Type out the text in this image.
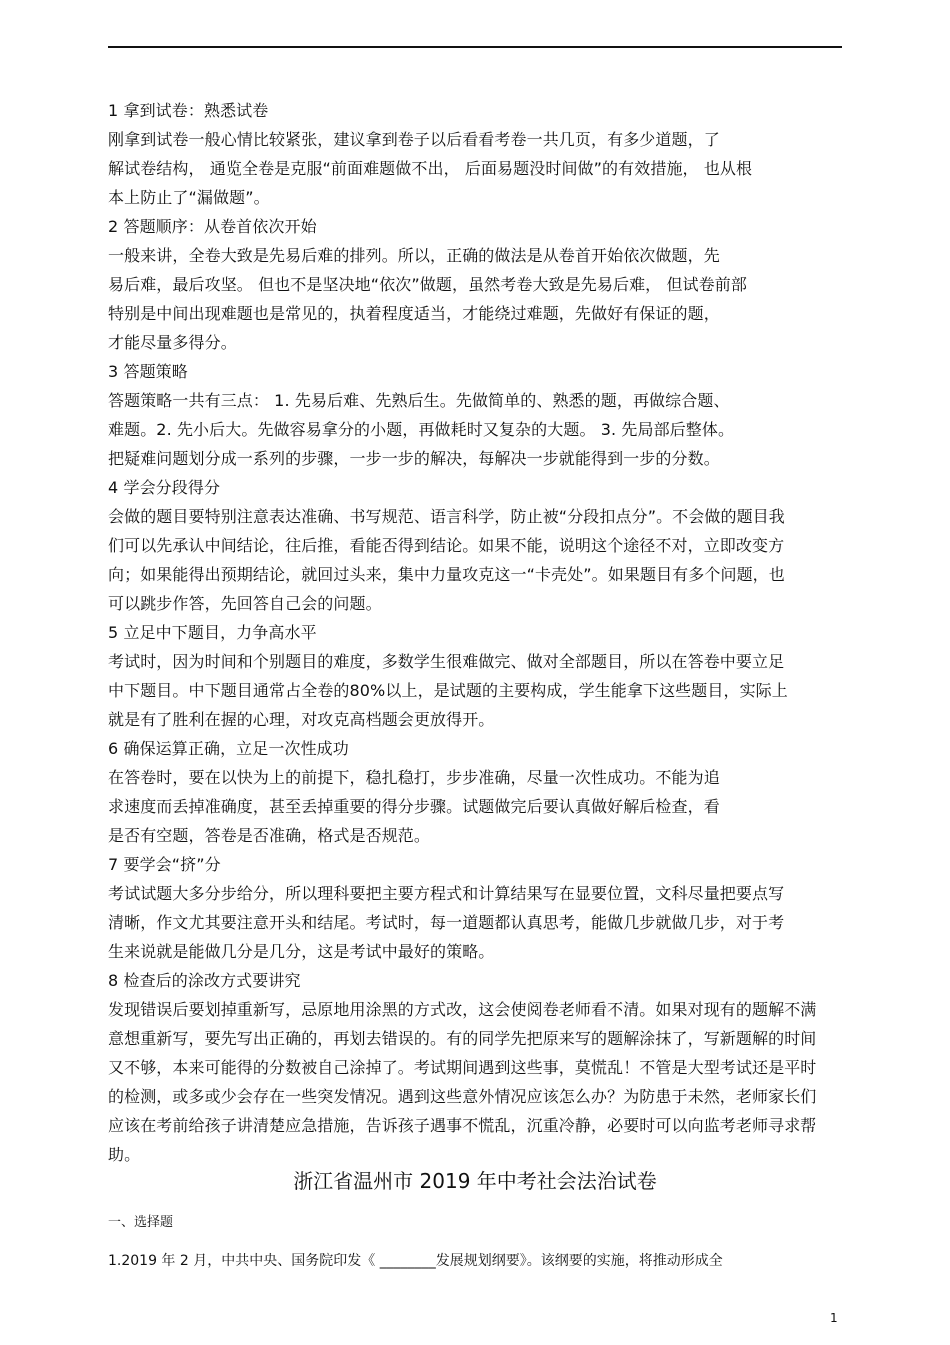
1 拿到试卷：熟悉试卷
刚拿到试卷一般心情比较紧张，建议拿到卷子以后看看考卷一共几页，有多少道题，了
解试卷结构， 通览全卷是克服“前面难题做不出， 后面易题没时间做”的有效措施， 也从根
本上防止了“漏做题”。
2 答题顺序：从卷首依次开始
一般来讲，全卷大致是先易后难的排列。所以，正确的做法是从卷首开始依次做题，先
易后难，最后攻坚。 但也不是坚决地“依次”做题，虽然考卷大致是先易后难， 但试卷前部
特别是中间出现难题也是常见的，执着程度适当，才能绕过难题，先做好有保证的题，
才能尽量多得分。
3 答题策略
答题策略一共有三点： 1. 先易后难、先熟后生。先做简单的、熟悉的题，再做综合题、
难题。2. 先小后大。先做容易拿分的小题，再做耗时又复杂的大题。 3. 先局部后整体。
把疑难问题划分成一系列的步骤，一步一步的解决，每解决一步就能得到一步的分数。
4 学会分段得分
会做的题目要特别注意表达准确、书写规范、语言科学，防止被“分段扣点分”。不会做的题目我
们可以先承认中间结论，往后推，看能否得到结论。如果不能，说明这个途径不对，立即改变方
向；如果能得出预期结论，就回过头来，集中力量攻克这一“卡壳处”。如果题目有多个问题，也
可以跳步作答，先回答自己会的问题。
5 立足中下题目，力争高水平
考试时，因为时间和个别题目的难度，多数学生很难做完、做对全部题目，所以在答卷中要立足
中下题目。中下题目通常占全卷的80%以上，是试题的主要构成，学生能拿下这些题目，实际上
就是有了胜利在握的心理，对攻克高档题会更放得开。
6 确保运算正确，立足一次性成功
在答卷时，要在以快为上的前提下，稳扎稳打，步步准确，尽量一次性成功。不能为追
求速度而丢掉准确度，甚至丢掉重要的得分步骤。试题做完后要认真做好解后检查，看
是否有空题，答卷是否准确，格式是否规范。
7 要学会“挤”分
考试试题大多分步给分，所以理科要把主要方程式和计算结果写在显要位置，文科尽量把要点写
清晰，作文尤其要注意开头和结尾。考试时，每一道题都认真思考，能做几步就做几步，对于考
生来说就是能做几分是几分，这是考试中最好的策略。
8 检查后的涂改方式要讲究
发现错误后要划掉重新写，忌原地用涂黑的方式改，这会使阅卷老师看不清。如果对现有的题解不满
意想重新写，要先写出正确的，再划去错误的。有的同学先把原来写的题解涂抹了，写新题解的时间
又不够，本来可能得的分数被自己涂掉了。考试期间遇到这些事，莫慌乱！不管是大型考试还是平时
的检测，或多或少会存在一些突发情况。遇到这些意外情况应该怎么办？为防患于未然，老师家长们
应该在考前给孩子讲清楚应急措施，告诉孩子遇事不慌乱，沉重冷静，必要时可以向监考老师寻求帮
助。
浙江省温州市 2019 年中考社会法治试卷
一、选择题
1.2019 年 2 月，中共中央、国务院印发《 ________发展规划纲要》。该纲要的实施，将推动形成全
1
